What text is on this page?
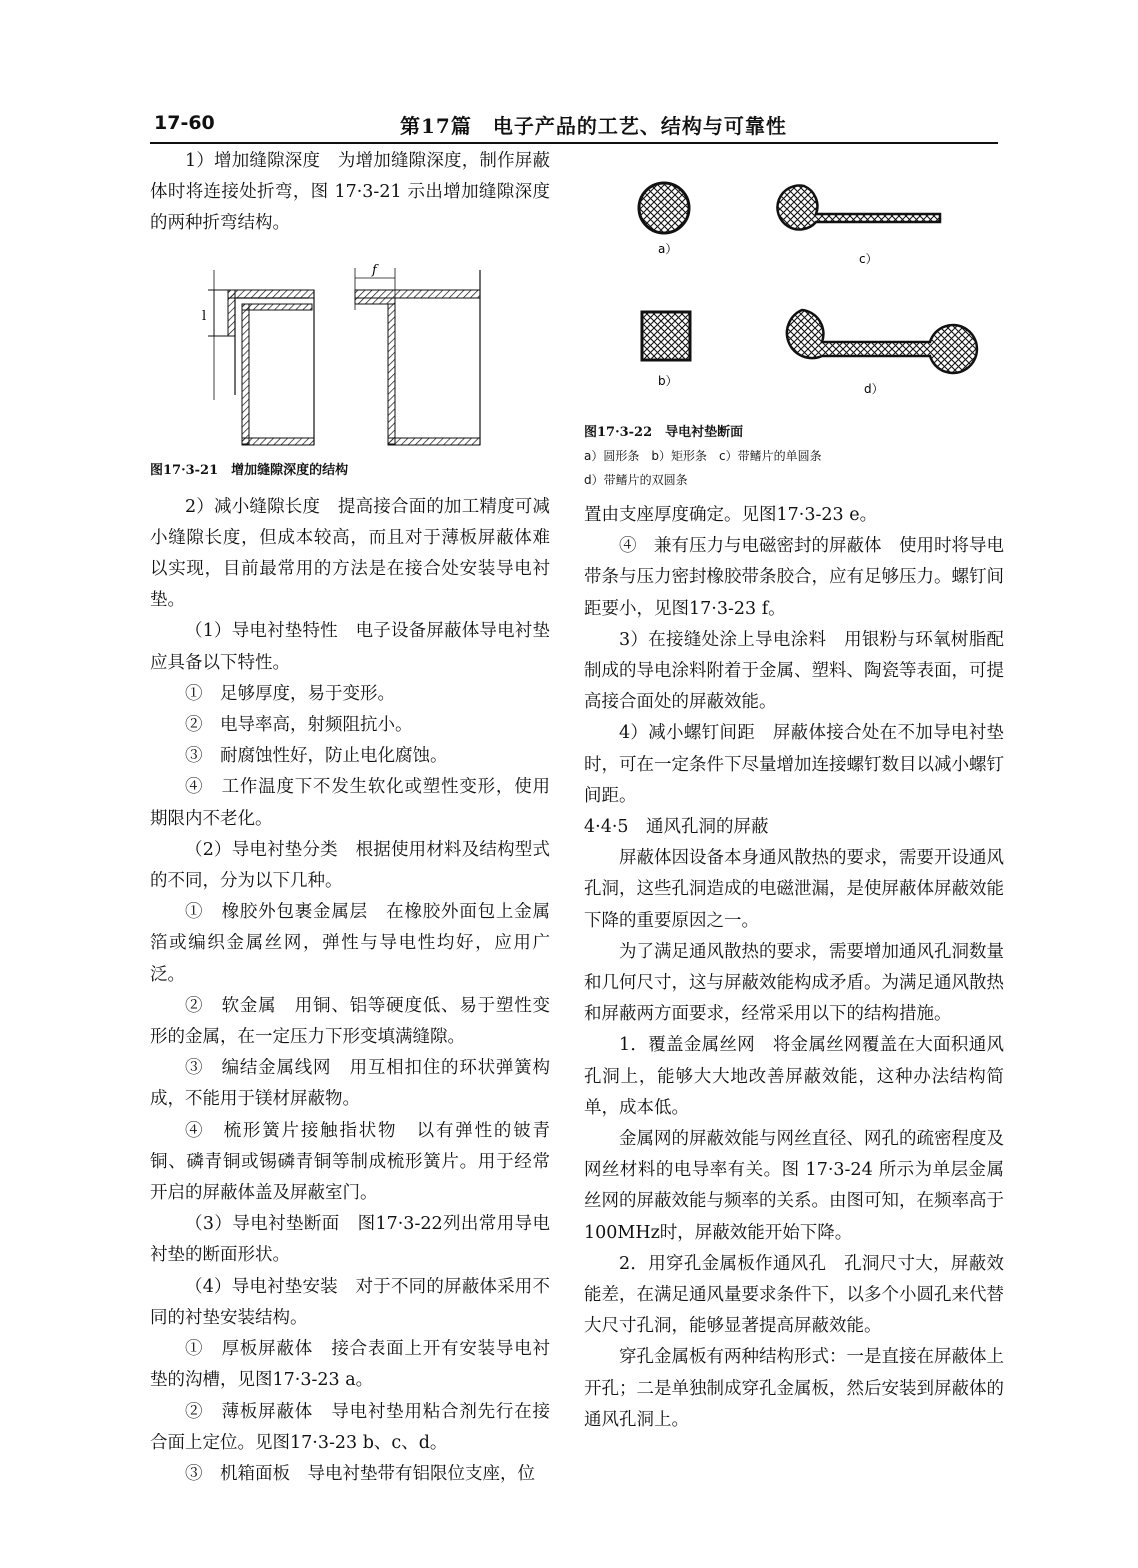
17-60	第17篇　电子产品的工艺、结构与可靠性

1）增加缝隙深度　为增加缝隙深度，制作屏蔽体时将连接处折弯，图 17·3-21 示出增加缝隙深度的两种折弯结构。

l
f

图17·3-21　增加缝隙深度的结构

2）减小缝隙长度　提高接合面的加工精度可减小缝隙长度，但成本较高，而且对于薄板屏蔽体难以实现，目前最常用的方法是在接合处安装导电衬垫。

（1）导电衬垫特性　电子设备屏蔽体导电衬垫应具备以下特性。

①　足够厚度，易于变形。

②　电导率高，射频阻抗小。

③　耐腐蚀性好，防止电化腐蚀。

④　工作温度下不发生软化或塑性变形，使用期限内不老化。

（2）导电衬垫分类　根据使用材料及结构型式的不同，分为以下几种。

①　橡胶外包裹金属层　在橡胶外面包上金属箔或编织金属丝网，弹性与导电性均好，应用广泛。

②　软金属　用铜、铝等硬度低、易于塑性变形的金属，在一定压力下形变填满缝隙。

③　编结金属线网　用互相扣住的环状弹簧构成，不能用于镁材屏蔽物。

④　梳形簧片接触指状物　以有弹性的铍青铜、磷青铜或锡磷青铜等制成梳形簧片。用于经常开启的屏蔽体盖及屏蔽室门。

（3）导电衬垫断面　图17·3-22列出常用导电衬垫的断面形状。

（4）导电衬垫安装　对于不同的屏蔽体采用不同的衬垫安装结构。

①　厚板屏蔽体　接合表面上开有安装导电衬垫的沟槽，见图17·3-23 a。

②　薄板屏蔽体　导电衬垫用粘合剂先行在接合面上定位。见图17·3-23 b、c、d。

③　机箱面板　导电衬垫带有铝限位支座，位

a）
c）
b）
d）

图17·3-22　导电衬垫断面

a）圆形条　b）矩形条　c）带鳍片的单圆条

d）带鳍片的双圆条

置由支座厚度确定。见图17·3-23 e。

④　兼有压力与电磁密封的屏蔽体　使用时将导电带条与压力密封橡胶带条胶合，应有足够压力。螺钉间距要小，见图17·3-23 f。

3）在接缝处涂上导电涂料　用银粉与环氧树脂配制成的导电涂料附着于金属、塑料、陶瓷等表面，可提高接合面处的屏蔽效能。

4）减小螺钉间距　屏蔽体接合处在不加导电衬垫时，可在一定条件下尽量增加连接螺钉数目以减小螺钉间距。

4·4·5　通风孔洞的屏蔽

屏蔽体因设备本身通风散热的要求，需要开设通风孔洞，这些孔洞造成的电磁泄漏，是使屏蔽体屏蔽效能下降的重要原因之一。

为了满足通风散热的要求，需要增加通风孔洞数量和几何尺寸，这与屏蔽效能构成矛盾。为满足通风散热和屏蔽两方面要求，经常采用以下的结构措施。

1．覆盖金属丝网　将金属丝网覆盖在大面积通风孔洞上，能够大大地改善屏蔽效能，这种办法结构简单，成本低。

金属网的屏蔽效能与网丝直径、网孔的疏密程度及网丝材料的电导率有关。图 17·3-24 所示为单层金属丝网的屏蔽效能与频率的关系。由图可知，在频率高于100MHz时，屏蔽效能开始下降。

2．用穿孔金属板作通风孔　孔洞尺寸大，屏蔽效能差，在满足通风量要求条件下，以多个小圆孔来代替大尺寸孔洞，能够显著提高屏蔽效能。

穿孔金属板有两种结构形式：一是直接在屏蔽体上开孔；二是单独制成穿孔金属板，然后安装到屏蔽体的通风孔洞上。
